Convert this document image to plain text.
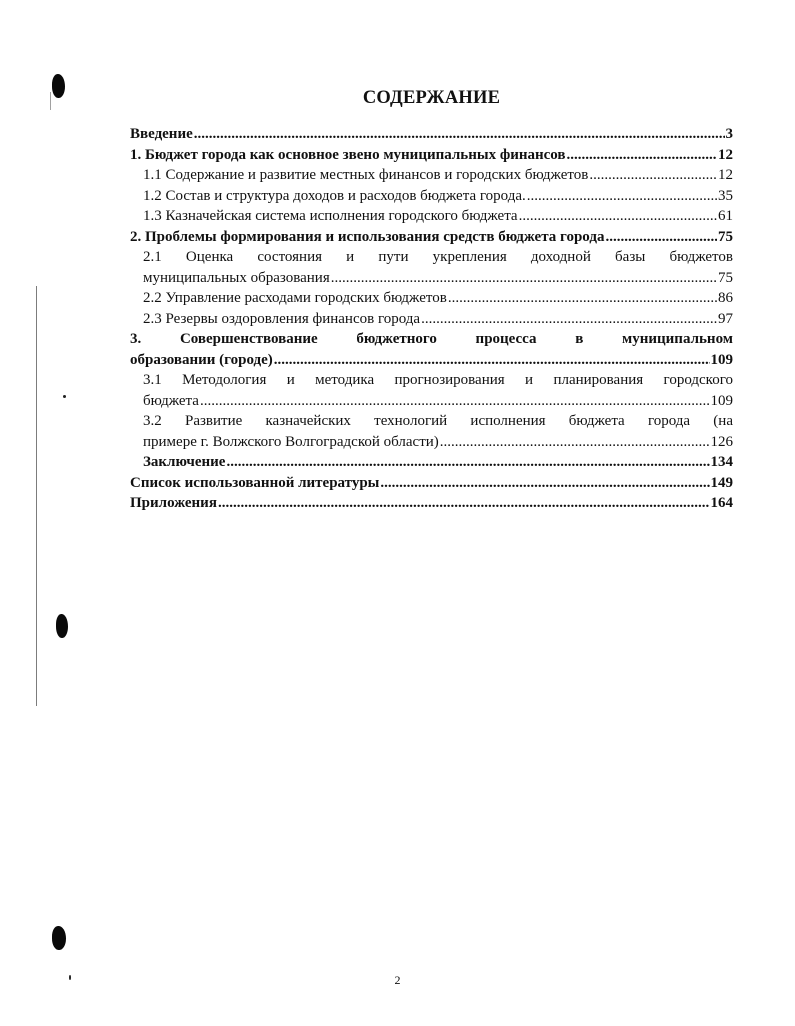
СОДЕРЖАНИЕ
Введение .....	3
1. Бюджет города как основное звено муниципальных финансов .....	12
1.1 Содержание и развитие местных финансов и городских бюджетов .....	12
1.2 Состав и структура доходов и расходов бюджета города. .....	35
1.3 Казначейская система исполнения городского бюджета .....	61
2. Проблемы формирования и использования средств бюджета города .....	75
2.1 Оценка состояния и пути укрепления доходной базы бюджетов
муниципальных образования .....	75
2.2 Управление расходами городских бюджетов .....	86
2.3 Резервы оздоровления финансов города .....	97
3. Совершенствование бюджетного процесса в муниципальном
образовании (городе) .....	109
3.1 Методология и методика прогнозирования и планирования городского
бюджета .....	109
3.2 Развитие казначейских технологий исполнения бюджета города (на
примере г. Волжского Волгоградской области) .....	126
Заключение .....	134
Список использованной литературы .....	149
Приложения .....	164
2
